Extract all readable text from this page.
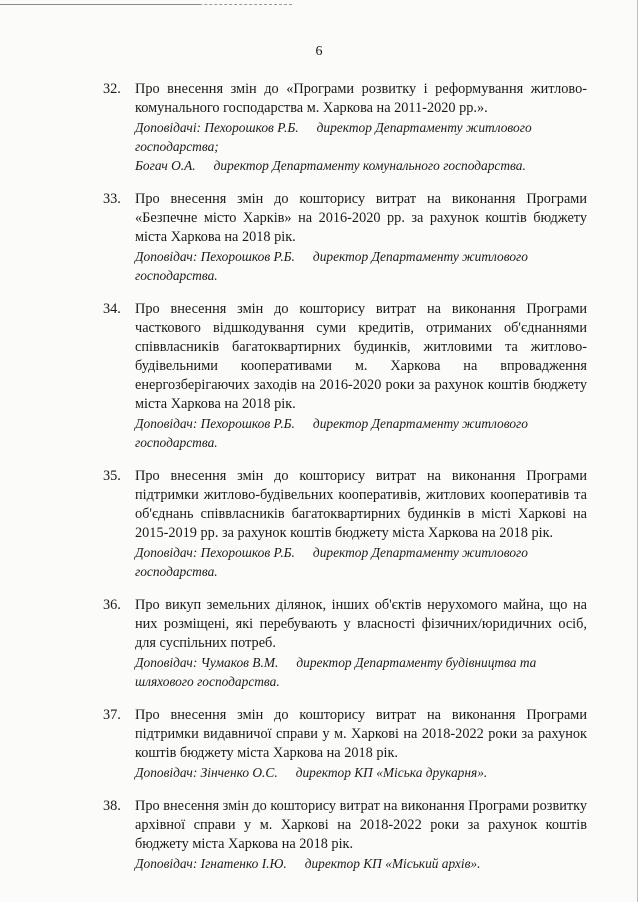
6
32. Про внесення змін до «Програми розвитку і реформування житлово-комунального господарства м. Харкова на 2011-2020 рр.».
Доповідачі: Пехорошков Р.Б. директор Департаменту житлового господарства;
Богач О.А. директор Департаменту комунального господарства.
33. Про внесення змін до кошторису витрат на виконання Програми «Безпечне місто Харків» на 2016-2020 рр. за рахунок коштів бюджету міста Харкова на 2018 рік.
Доповідач: Пехорошков Р.Б. директор Департаменту житлового господарства.
34. Про внесення змін до кошторису витрат на виконання Програми часткового відшкодування суми кредитів, отриманих об'єднаннями співвласників багатоквартирних будинків, житловими та житлово-будівельними кооперативами м. Харкова на впровадження енергозберігаючих заходів на 2016-2020 роки за рахунок коштів бюджету міста Харкова на 2018 рік.
Доповідач: Пехорошков Р.Б. директор Департаменту житлового господарства.
35. Про внесення змін до кошторису витрат на виконання Програми підтримки житлово-будівельних кооперативів, житлових кооперативів та об'єднань співвласників багатоквартирних будинків в місті Харкові на 2015-2019 рр. за рахунок коштів бюджету міста Харкова на 2018 рік.
Доповідач: Пехорошков Р.Б. директор Департаменту житлового господарства.
36. Про викуп земельних ділянок, інших об'єктів нерухомого майна, що на них розміщені, які перебувають у власності фізичних/юридичних осіб, для суспільних потреб.
Доповідач: Чумаков В.М. директор Департаменту будівництва та шляхового господарства.
37. Про внесення змін до кошторису витрат на виконання Програми підтримки видавничої справи у м. Харкові на 2018-2022 роки за рахунок коштів бюджету міста Харкова на 2018 рік.
Доповідач: Зінченко О.С. директор КП «Міська друкарня».
38. Про внесення змін до кошторису витрат на виконання Програми розвитку архівної справи у м. Харкові на 2018-2022 роки за рахунок коштів бюджету міста Харкова на 2018 рік.
Доповідач: Ігнатенко І.Ю. директор КП «Міський архів».
